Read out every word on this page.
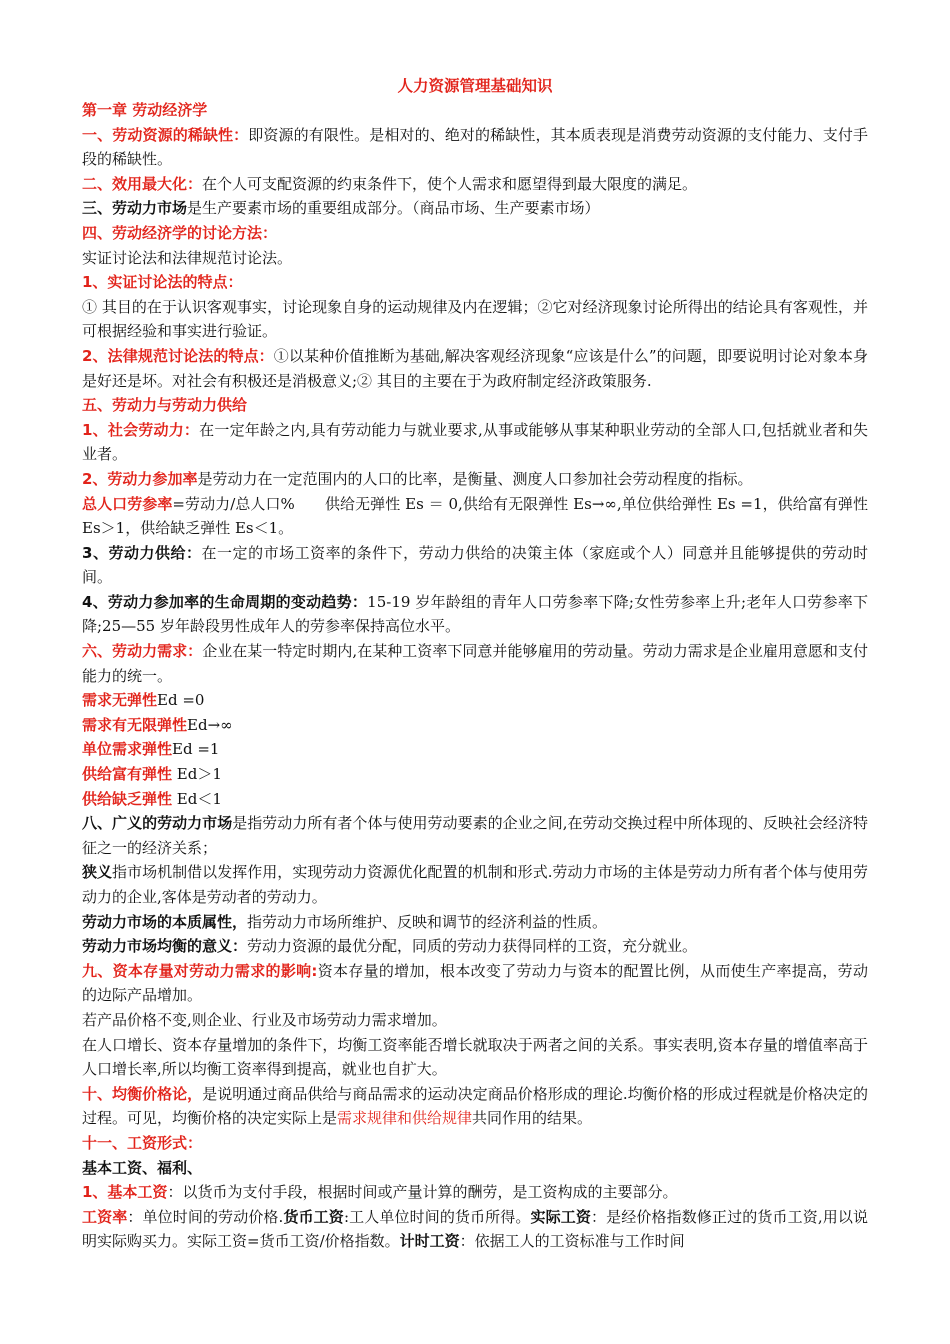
人力资源管理基础知识

第一章 劳动经济学

一、劳动资源的稀缺性：即资源的有限性。是相对的、绝对的稀缺性，其本质表现是消费劳动资源的支付能力、支付手段的稀缺性。

二、效用最大化：在个人可支配资源的约束条件下，使个人需求和愿望得到最大限度的满足。

三、劳动力市场是生产要素市场的重要组成部分。（商品市场、生产要素市场）

四、劳动经济学的讨论方法：

实证讨论法和法律规范讨论法。

1、实证讨论法的特点：

① 其目的在于认识客观事实，讨论现象自身的运动规律及内在逻辑；②它对经济现象讨论所得出的结论具有客观性，并可根据经验和事实进行验证。

2、法律规范讨论法的特点：①以某种价值推断为基础,解决客观经济现象“应该是什么”的问题，即要说明讨论对象本身是好还是坏。对社会有积极还是消极意义;② 其目的主要在于为政府制定经济政策服务.

五、劳动力与劳动力供给

1、社会劳动力：在一定年龄之内,具有劳动能力与就业要求,从事或能够从事某种职业劳动的全部人口,包括就业者和失业者。

2、劳动力参加率是劳动力在一定范围内的人口的比率，是衡量、测度人口参加社会劳动程度的指标。

总人口劳参率=劳动力/总人口%　　供给无弹性 Es ＝ 0,供给有无限弹性 Es→∞,单位供给弹性 Es =1，供给富有弹性 Es＞1，供给缺乏弹性 Es＜1。

3、劳动力供给：在一定的市场工资率的条件下，劳动力供给的决策主体（家庭或个人）同意并且能够提供的劳动时间。

4、劳动力参加率的生命周期的变动趋势：15-19 岁年龄组的青年人口劳参率下降;女性劳参率上升;老年人口劳参率下降;25—55 岁年龄段男性成年人的劳参率保持高位水平。

六、劳动力需求：企业在某一特定时期内,在某种工资率下同意并能够雇用的劳动量。劳动力需求是企业雇用意愿和支付能力的统一。

需求无弹性Ed =0

需求有无限弹性Ed→∞

单位需求弹性Ed =1

供给富有弹性 Ed＞1

供给缺乏弹性 Ed＜1

八、广义的劳动力市场是指劳动力所有者个体与使用劳动要素的企业之间,在劳动交换过程中所体现的、反映社会经济特征之一的经济关系；

狭义指市场机制借以发挥作用，实现劳动力资源优化配置的机制和形式.劳动力市场的主体是劳动力所有者个体与使用劳动力的企业,客体是劳动者的劳动力。

劳动力市场的本质属性，指劳动力市场所维护、反映和调节的经济利益的性质。

劳动力市场均衡的意义：劳动力资源的最优分配，同质的劳动力获得同样的工资，充分就业。

九、资本存量对劳动力需求的影响:资本存量的增加，根本改变了劳动力与资本的配置比例，从而使生产率提高，劳动的边际产品增加。

若产品价格不变,则企业、行业及市场劳动力需求增加。

在人口增长、资本存量增加的条件下，均衡工资率能否增长就取决于两者之间的关系。事实表明,资本存量的增值率高于人口增长率,所以均衡工资率得到提高，就业也自扩大。

十、均衡价格论，是说明通过商品供给与商品需求的运动决定商品价格形成的理论.均衡价格的形成过程就是价格决定的过程。可见，均衡价格的决定实际上是需求规律和供给规律共同作用的结果。

十一、工资形式：

基本工资、福利、

1、基本工资：以货币为支付手段，根据时间或产量计算的酬劳，是工资构成的主要部分。

工资率：单位时间的劳动价格.货币工资:工人单位时间的货币所得。实际工资：是经价格指数修正过的货币工资,用以说明实际购买力。实际工资=货币工资/价格指数。计时工资：依据工人的工资标准与工作时间
